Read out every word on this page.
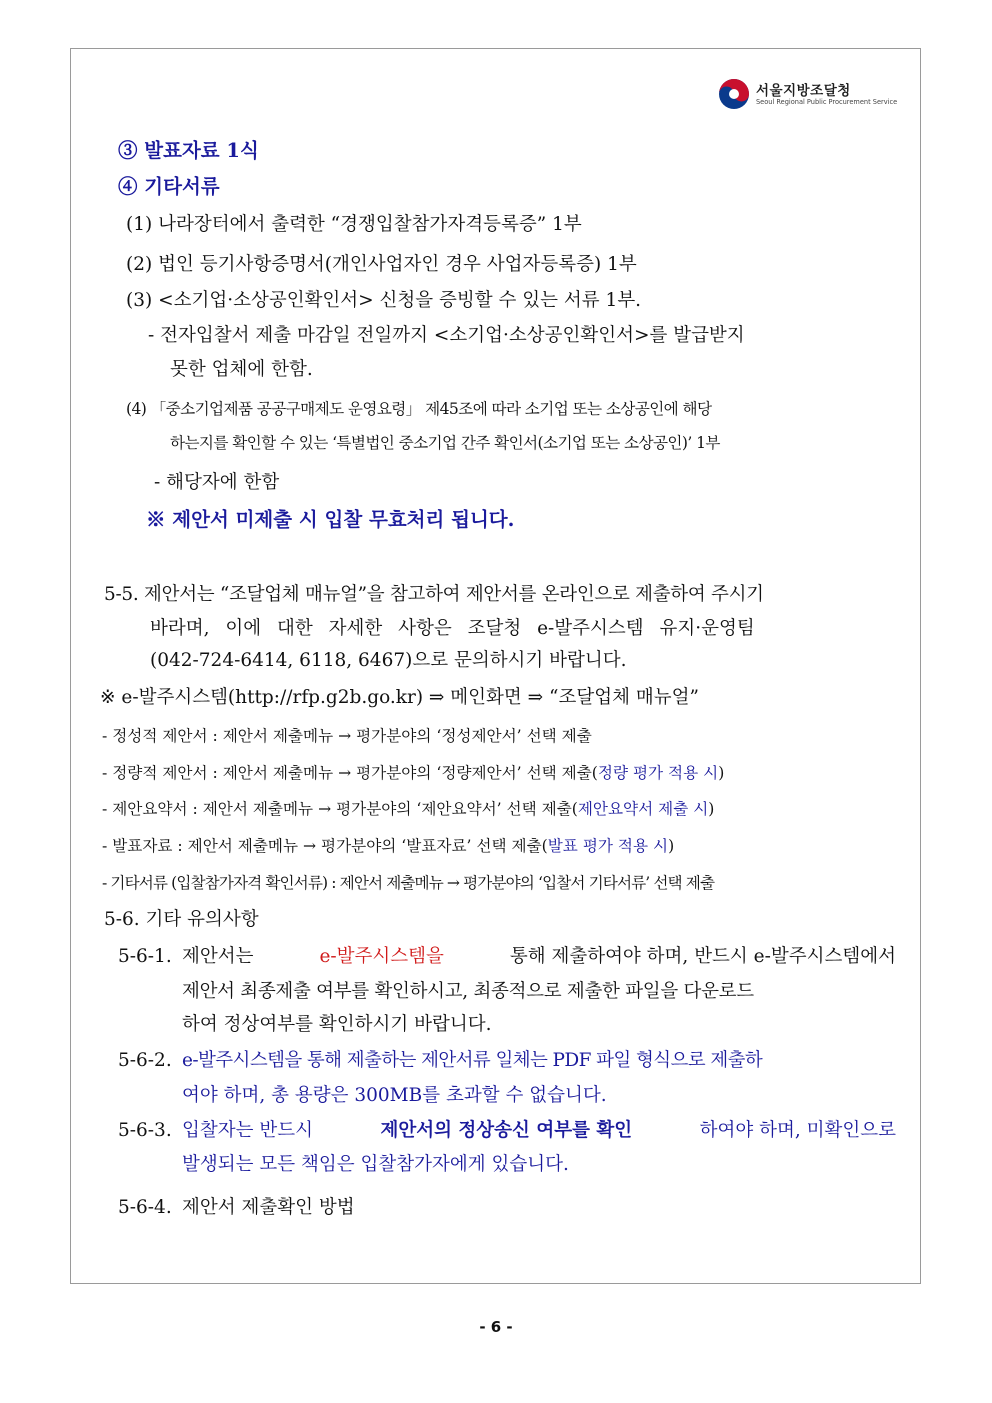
서울지방조달청
Seoul Regional Public Procurement Service
③ 발표자료 1식
④ 기타서류
(1) 나라장터에서 출력한 “경쟁입찰참가자격등록증” 1부
(2) 법인 등기사항증명서(개인사업자인 경우 사업자등록증) 1부
(3) <소기업·소상공인확인서> 신청을 증빙할 수 있는 서류 1부.
- 전자입찰서 제출 마감일 전일까지 <소기업·소상공인확인서>를 발급받지
못한 업체에 한함.
(4) 「중소기업제품 공공구매제도 운영요령」 제45조에 따라 소기업 또는 소상공인에 해당
하는지를 확인할 수 있는 ‘특별법인 중소기업 간주 확인서(소기업 또는 소상공인)’ 1부
- 해당자에 한함
※ 제안서 미제출 시 입찰 무효처리 됩니다.
5-5. 제안서는 “조달업체 매뉴얼”을 참고하여 제안서를 온라인으로 제출하여 주시기
바라며, 이에 대한 자세한 사항은 조달청 e-발주시스템 유지·운영팀
(042-724-6414, 6118, 6467)으로 문의하시기 바랍니다.
※ e-발주시스템(http://rfp.g2b.go.kr) ⇒ 메인화면 ⇒ “조달업체 매뉴얼”
- 정성적 제안서 : 제안서 제출메뉴 → 평가분야의 ‘정성제안서’ 선택 제출
- 정량적 제안서 : 제안서 제출메뉴 → 평가분야의 ‘정량제안서’ 선택 제출(정량 평가 적용 시)
- 제안요약서 : 제안서 제출메뉴 → 평가분야의 ‘제안요약서’ 선택 제출(제안요약서 제출 시)
- 발표자료 : 제안서 제출메뉴 → 평가분야의 ‘발표자료’ 선택 제출(발표 평가 적용 시)
- 기타서류 (입찰참가자격 확인서류) : 제안서 제출메뉴 → 평가분야의 ‘입찰서 기타서류’ 선택 제출
5-6. 기타 유의사항
5-6-1. 제안서는	e-발주시스템을	통해 제출하여야 하며, 반드시 e-발주시스템에서
제안서 최종제출 여부를 확인하시고, 최종적으로 제출한 파일을 다운로드
하여 정상여부를 확인하시기 바랍니다.
5-6-2. e-발주시스템을 통해 제출하는 제안서류 일체는 PDF 파일 형식으로 제출하
여야 하며, 총 용량은 300MB를 초과할 수 없습니다.
5-6-3. 입찰자는 반드시	제안서의 정상송신 여부를 확인	하여야 하며, 미확인으로
발생되는 모든 책임은 입찰참가자에게 있습니다.
5-6-4. 제안서 제출확인 방법
- 6 -
